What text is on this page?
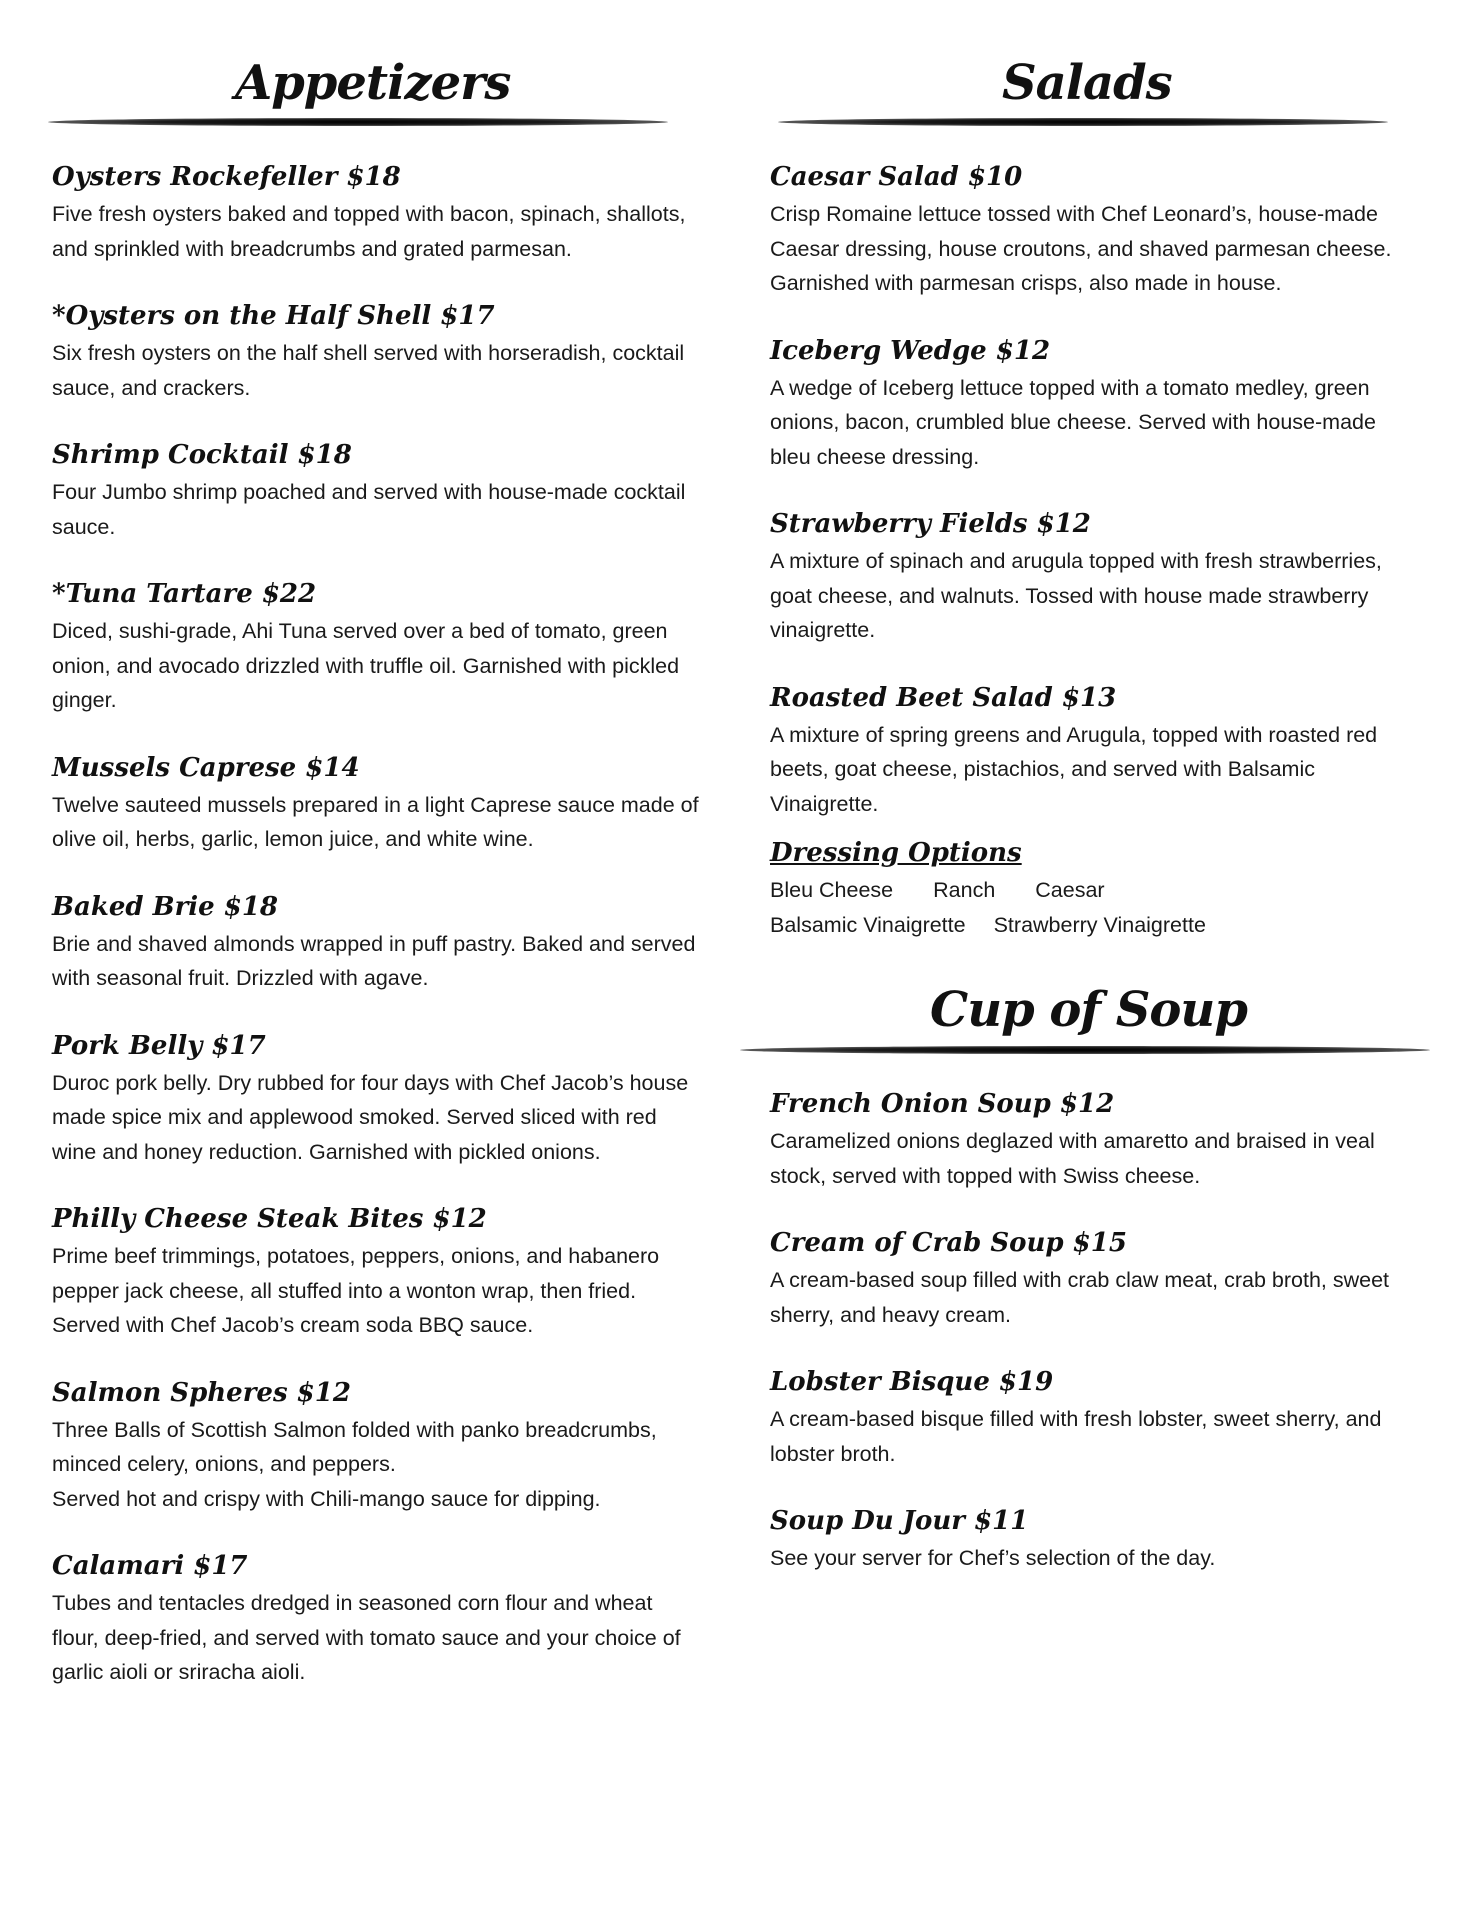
Appetizers
Oysters Rockefeller $18
Five fresh oysters baked and topped with bacon, spinach, shallots,
and sprinkled with breadcrumbs and grated parmesan.
*Oysters on the Half Shell $17
Six fresh oysters on the half shell served with horseradish, cocktail
sauce, and crackers.
Shrimp Cocktail $18
Four Jumbo shrimp poached and served with house-made cocktail
sauce.
*Tuna Tartare $22
Diced, sushi-grade, Ahi Tuna served over a bed of tomato, green
onion, and avocado drizzled with truffle oil. Garnished with pickled
ginger.
Mussels Caprese $14
Twelve sauteed mussels prepared in a light Caprese sauce made of
olive oil, herbs, garlic, lemon juice, and white wine.
Baked Brie $18
Brie and shaved almonds wrapped in puff pastry. Baked and served
with seasonal fruit. Drizzled with agave.
Pork Belly $17
Duroc pork belly. Dry rubbed for four days with Chef Jacob’s house
made spice mix and applewood smoked. Served sliced with red
wine and honey reduction. Garnished with pickled onions.
Philly Cheese Steak Bites $12
Prime beef trimmings, potatoes, peppers, onions, and habanero
pepper jack cheese, all stuffed into a wonton wrap, then fried.
Served with Chef Jacob’s cream soda BBQ sauce.
Salmon Spheres $12
Three Balls of Scottish Salmon folded with panko breadcrumbs,
minced celery, onions, and peppers.
Served hot and crispy with Chili-mango sauce for dipping.
Calamari $17
Tubes and tentacles dredged in seasoned corn flour and wheat
flour, deep-fried, and served with tomato sauce and your choice of
garlic aioli or sriracha aioli.
Salads
Caesar Salad $10
Crisp Romaine lettuce tossed with Chef Leonard’s, house-made
Caesar dressing, house croutons, and shaved parmesan cheese.
Garnished with parmesan crisps, also made in house.
Iceberg Wedge $12
A wedge of Iceberg lettuce topped with a tomato medley, green
onions, bacon, crumbled blue cheese. Served with house-made
bleu cheese dressing.
Strawberry Fields $12
A mixture of spinach and arugula topped with fresh strawberries,
goat cheese, and walnuts. Tossed with house made strawberry
vinaigrette.
Roasted Beet Salad $13
A mixture of spring greens and Arugula, topped with roasted red
beets, goat cheese, pistachios, and served with Balsamic
Vinaigrette.
Dressing Options
Bleu Cheese Ranch Caesar
Balsamic Vinaigrette Strawberry Vinaigrette
Cup of Soup
French Onion Soup $12
Caramelized onions deglazed with amaretto and braised in veal
stock, served with topped with Swiss cheese.
Cream of Crab Soup $15
A cream-based soup filled with crab claw meat, crab broth, sweet
sherry, and heavy cream.
Lobster Bisque $19
A cream-based bisque filled with fresh lobster, sweet sherry, and
lobster broth.
Soup Du Jour $11
See your server for Chef’s selection of the day.
